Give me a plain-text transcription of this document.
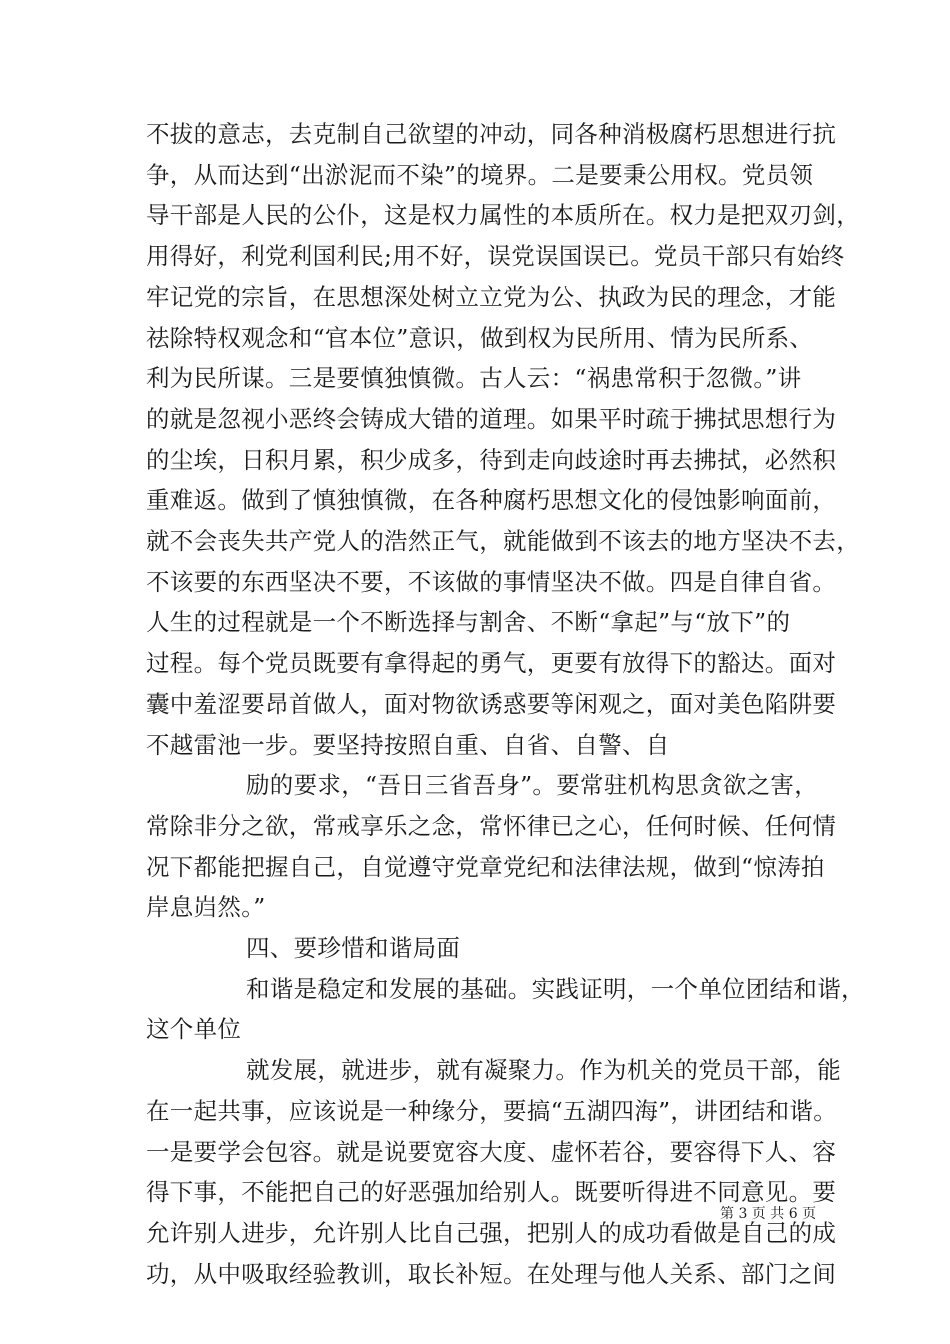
不拔的意志，去克制自己欲望的冲动，同各种消极腐朽思想进行抗
争，从而达到“出淤泥而不染”的境界。二是要秉公用权。党员领
导干部是人民的公仆，这是权力属性的本质所在。权力是把双刃剑，
用得好，利党利国利民;用不好，误党误国误已。党员干部只有始终
牢记党的宗旨，在思想深处树立立党为公、执政为民的理念，才能
祛除特权观念和“官本位”意识，做到权为民所用、情为民所系、
利为民所谋。三是要慎独慎微。古人云：“祸患常积于忽微。”讲
的就是忽视小恶终会铸成大错的道理。如果平时疏于拂拭思想行为
的尘埃，日积月累，积少成多，待到走向歧途时再去拂拭，必然积
重难返。做到了慎独慎微，在各种腐朽思想文化的侵蚀影响面前，
就不会丧失共产党人的浩然正气，就能做到不该去的地方坚决不去，
不该要的东西坚决不要，不该做的事情坚决不做。四是自律自省。
人生的过程就是一个不断选择与割舍、不断“拿起”与“放下”的
过程。每个党员既要有拿得起的勇气，更要有放得下的豁达。面对
囊中羞涩要昂首做人，面对物欲诱惑要等闲观之，面对美色陷阱要
不越雷池一步。要坚持按照自重、自省、自警、自
励的要求，“吾日三省吾身”。要常驻机构思贪欲之害，
常除非分之欲，常戒享乐之念，常怀律已之心，任何时候、任何情
况下都能把握自己，自觉遵守党章党纪和法律法规，做到“惊涛拍
岸息岿然。”
四、要珍惜和谐局面
和谐是稳定和发展的基础。实践证明，一个单位团结和谐，
这个单位
就发展，就进步，就有凝聚力。作为机关的党员干部，能
在一起共事，应该说是一种缘分，要搞“五湖四海”，讲团结和谐。
一是要学会包容。就是说要宽容大度、虚怀若谷，要容得下人、容
得下事，不能把自己的好恶强加给别人。既要听得进不同意见。要
允许别人进步，允许别人比自己强，把别人的成功看做是自己的成
功，从中吸取经验教训，取长补短。在处理与他人关系、部门之间
第 3 页 共 6 页
